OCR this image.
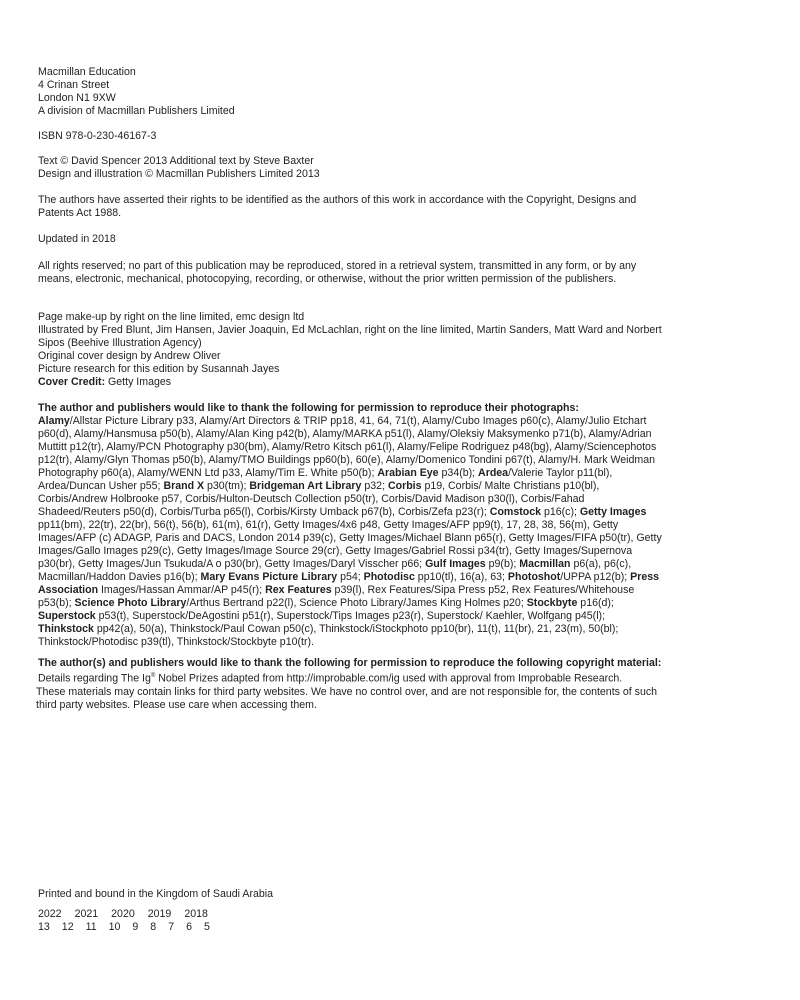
Macmillan Education

4 Crinan Street

London N1 9XW

A division of Macmillan Publishers Limited

ISBN 978-0-230-46167-3

Text © David Spencer 2013 Additional text by Steve Baxter

Design and illustration © Macmillan Publishers Limited 2013

The authors have asserted their rights to be identified as the authors of this work in accordance with the Copyright, Designs and Patents Act 1988.

Updated in 2018

All rights reserved; no part of this publication may be reproduced, stored in a retrieval system, transmitted in any form, or by any means, electronic, mechanical, photocopying, recording, or otherwise, without the prior written permission of the publishers.

Page make-up by right on the line limited, emc design ltd

Illustrated by Fred Blunt, Jim Hansen, Javier Joaquin, Ed McLachlan, right on the line limited, Martin Sanders, Matt Ward and Norbert Sipos (Beehive Illustration Agency)

Original cover design by Andrew Oliver

Picture research for this edition by Susannah Jayes

Cover Credit: Getty Images

The author and publishers would like to thank the following for permission to reproduce their photographs:

Alamy/Allstar Picture Library p33, Alamy/Art Directors & TRIP pp18, 41, 64, 71(t), Alamy/Cubo Images p60(c), Alamy/Julio Etchart p60(d), Alamy/Hansmusa p50(b), Alamy/Alan King p42(b), Alamy/MARKA p51(l), Alamy/Oleksiy Maksymenko p71(b), Alamy/Adrian Muttitt p12(tr), Alamy/PCN Photography p30(bm), Alamy/Retro Kitsch p61(l), Alamy/Felipe Rodriguez p48(bg), Alamy/Sciencephotos p12(tr), Alamy/Glyn Thomas p50(b), Alamy/TMO Buildings pp60(b), 60(e), Alamy/Domenico Tondini p67(t), Alamy/H. Mark Weidman Photography p60(a), Alamy/WENN Ltd p33, Alamy/Tim E. White p50(b); Arabian Eye p34(b); Ardea/Valerie Taylor p11(bl), Ardea/Duncan Usher p55; Brand X p30(tm); Bridgeman Art Library p32; Corbis p19, Corbis/ Malte Christians p10(bl), Corbis/Andrew Holbrooke p57, Corbis/Hulton-Deutsch Collection p50(tr), Corbis/David Madison p30(l), Corbis/Fahad Shadeed/Reuters p50(d), Corbis/Turba p65(l), Corbis/Kirsty Umback p67(b), Corbis/Zefa p23(r); Comstock p16(c); Getty Images pp11(bm), 22(tr), 22(br), 56(t), 56(b), 61(m), 61(r), Getty Images/4x6 p48, Getty Images/AFP pp9(t), 17, 28, 38, 56(m), Getty Images/AFP (c) ADAGP, Paris and DACS, London 2014 p39(c), Getty Images/Michael Blann p65(r), Getty Images/FIFA p50(tr), Getty Images/Gallo Images p29(c), Getty Images/Image Source 29(cr), Getty Images/Gabriel Rossi p34(tr), Getty Images/Supernova p30(br), Getty Images/Jun Tsukuda/A o p30(br), Getty Images/Daryl Visscher p66; Gulf Images p9(b); Macmillan p6(a), p6(c), Macmillan/Haddon Davies p16(b); Mary Evans Picture Library p54; Photodisc pp10(tl), 16(a), 63; Photoshot/UPPA p12(b); Press Association Images/Hassan Ammar/AP p45(r); Rex Features p39(l), Rex Features/Sipa Press p52, Rex Features/Whitehouse p53(b); Science Photo Library/Arthus Bertrand p22(l), Science Photo Library/James King Holmes p20; Stockbyte p16(d); Superstock p53(t), Superstock/DeAgostini p51(r), Superstock/Tips Images p23(r), Superstock/ Kaehler, Wolfgang p45(l); Thinkstock pp42(a), 50(a), Thinkstock/Paul Cowan p50(c), Thinkstock/iStockphoto pp10(br), 11(t), 11(br), 21, 23(m), 50(bl); Thinkstock/Photodisc p39(tl), Thinkstock/Stockbyte p10(tr).

The author(s) and publishers would like to thank the following for permission to reproduce the following copyright material:

Details regarding The Ig® Nobel Prizes adapted from http://improbable.com/ig used with approval from Improbable Research.

These materials may contain links for third party websites. We have no control over, and are not responsible for, the contents of such third party websites. Please use care when accessing them.

Printed and bound in the Kingdom of Saudi Arabia

2022 2021 2020 2019 2018
13 12 11 10 9 8 7 6 5
